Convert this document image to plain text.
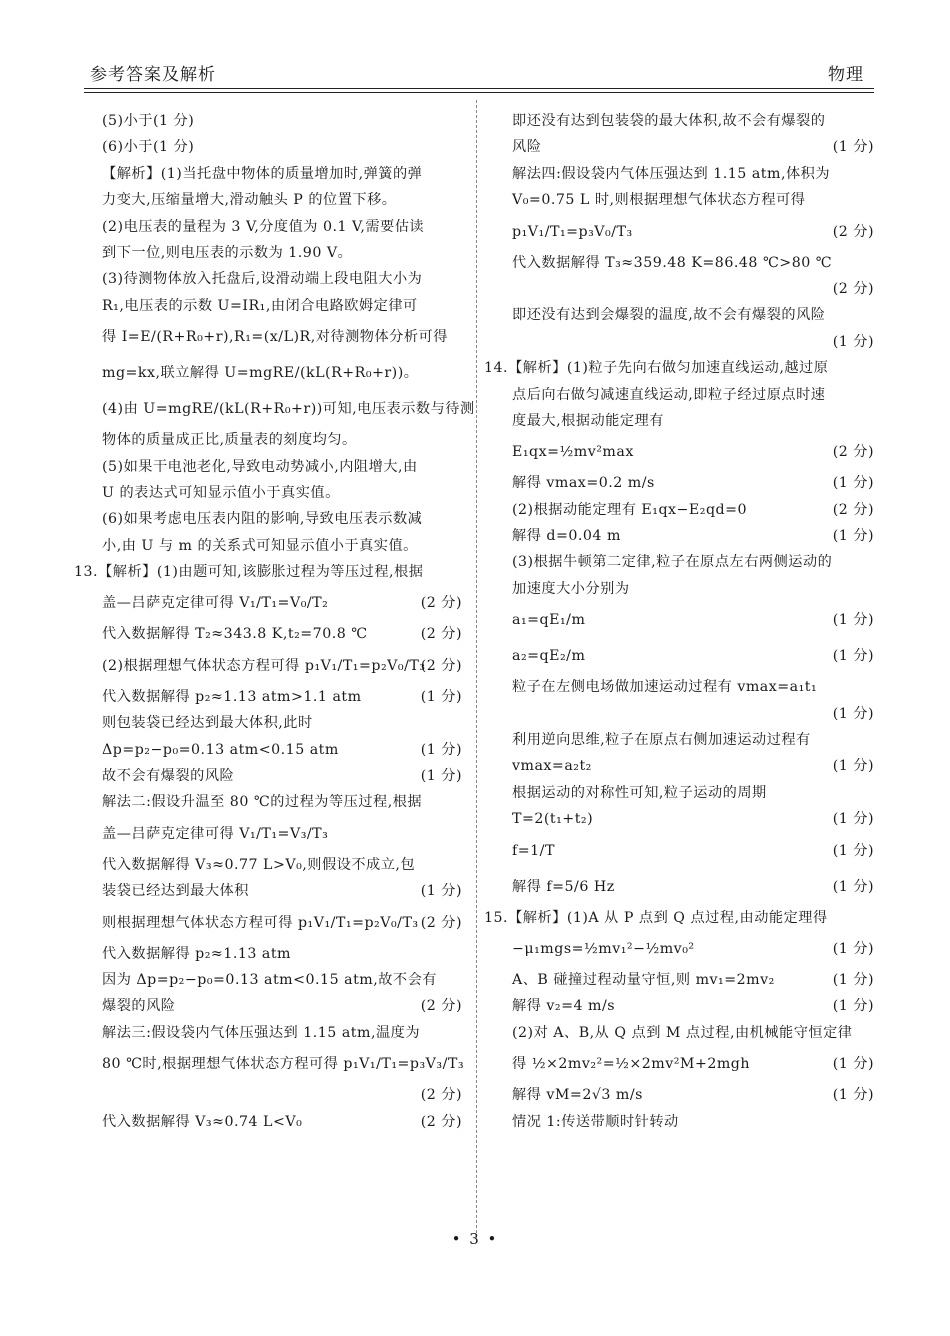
参考答案及解析	物理
(5)小于(1 分)
(6)小于(1 分)
【解析】(1)当托盘中物体的质量增加时,弹簧的弹
力变大,压缩量增大,滑动触头 P 的位置下移。
(2)电压表的量程为 3 V,分度值为 0.1 V,需要估读
到下一位,则电压表的示数为 1.90 V。
(3)待测物体放入托盘后,设滑动端上段电阻大小为
R₁,电压表的示数 U=IR₁,由闭合电路欧姆定律可
得 I=E/(R+R₀+r),R₁=(x/L)R,对待测物体分析可得
mg=kx,联立解得 U=mgRE/(kL(R+R₀+r))。
(4)由 U=mgRE/(kL(R+R₀+r))可知,电压表示数与待测
物体的质量成正比,质量表的刻度均匀。
(5)如果干电池老化,导致电动势减小,内阻增大,由
U 的表达式可知显示值小于真实值。
(6)如果考虑电压表内阻的影响,导致电压表示数减
小,由 U 与 m 的关系式可知显示值小于真实值。
13.【解析】(1)由题可知,该膨胀过程为等压过程,根据
盖—吕萨克定律可得 V₁/T₁=V₀/T₂	(2 分)
代入数据解得 T₂≈343.8 K,t₂=70.8 ℃	(2 分)
(2)根据理想气体状态方程可得 p₁V₁/T₁=p₂V₀/T₃
(2 分)
代入数据解得 p₂≈1.13 atm>1.1 atm	(1 分)
则包装袋已经达到最大体积,此时
Δp=p₂−p₀=0.13 atm<0.15 atm	(1 分)
故不会有爆裂的风险	(1 分)
解法二:假设升温至 80 ℃的过程为等压过程,根据
盖—吕萨克定律可得 V₁/T₁=V₃/T₃
代入数据解得 V₃≈0.77 L>V₀,则假设不成立,包
装袋已经达到最大体积	(1 分)
则根据理想气体状态方程可得 p₁V₁/T₁=p₂V₀/T₃ (2 分)
代入数据解得 p₂≈1.13 atm
因为 Δp=p₂−p₀=0.13 atm<0.15 atm,故不会有
爆裂的风险	(2 分)
解法三:假设袋内气体压强达到 1.15 atm,温度为
80 ℃时,根据理想气体状态方程可得 p₁V₁/T₁=p₃V₃/T₃
(2 分)
代入数据解得 V₃≈0.74 L<V₀	(2 分)
即还没有达到包装袋的最大体积,故不会有爆裂的
风险	(1 分)
解法四:假设袋内气体压强达到 1.15 atm,体积为
V₀=0.75 L 时,则根据理想气体状态方程可得
p₁V₁/T₁=p₃V₀/T₃	(2 分)
代入数据解得 T₃≈359.48 K=86.48 ℃>80 ℃
(2 分)
即还没有达到会爆裂的温度,故不会有爆裂的风险
(1 分)
14.【解析】(1)粒子先向右做匀加速直线运动,越过原
点后向右做匀减速直线运动,即粒子经过原点时速
度最大,根据动能定理有
E₁qx=½mv²max	(2 分)
解得 vmax=0.2 m/s	(1 分)
(2)根据动能定理有 E₁qx−E₂qd=0	(2 分)
解得 d=0.04 m	(1 分)
(3)根据牛顿第二定律,粒子在原点左右两侧运动的
加速度大小分别为
a₁=qE₁/m	(1 分)
a₂=qE₂/m	(1 分)
粒子在左侧电场做加速运动过程有 vmax=a₁t₁
(1 分)
利用逆向思维,粒子在原点右侧加速运动过程有
vmax=a₂t₂	(1 分)
根据运动的对称性可知,粒子运动的周期
T=2(t₁+t₂)	(1 分)
f=1/T	(1 分)
解得 f=5/6 Hz	(1 分)
15.【解析】(1)A 从 P 点到 Q 点过程,由动能定理得
−μ₁mgs=½mv₁²−½mv₀²	(1 分)
A、B 碰撞过程动量守恒,则 mv₁=2mv₂	(1 分)
解得 v₂=4 m/s	(1 分)
(2)对 A、B,从 Q 点到 M 点过程,由机械能守恒定律
得 ½×2mv₂²=½×2mv²M+2mgh	(1 分)
解得 vM=2√3 m/s	(1 分)
情况 1:传送带顺时针转动
• 3 •
